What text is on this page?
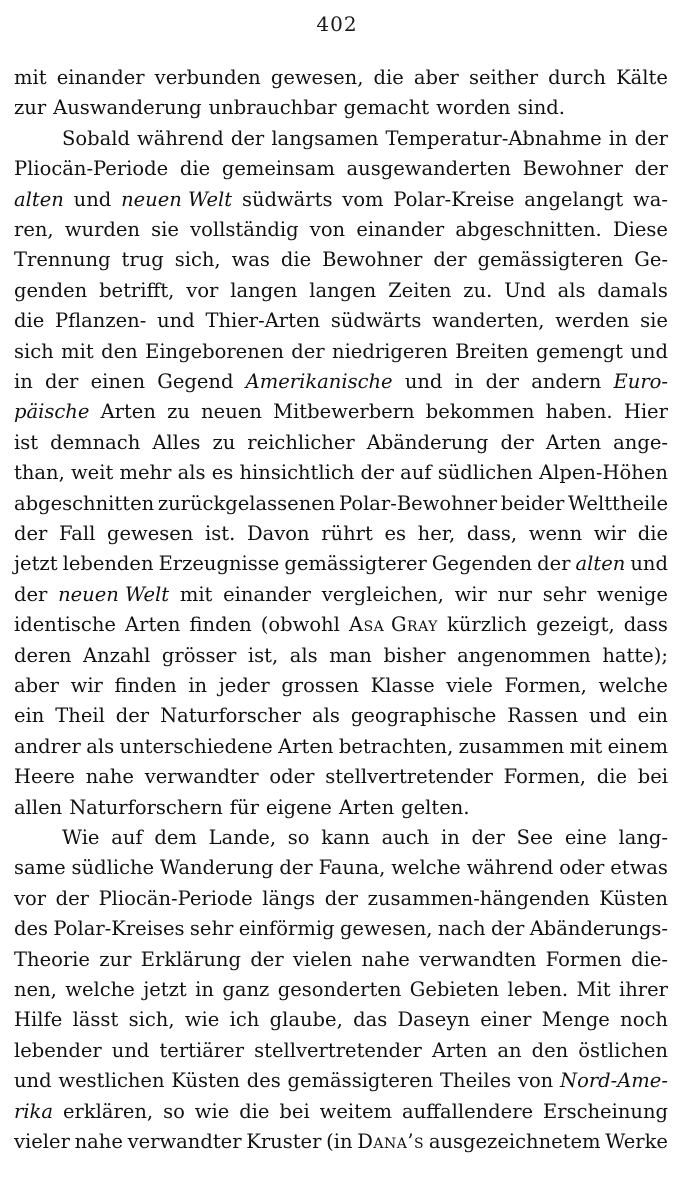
402
mit einander verbunden gewesen, die aber seither durch Kälte
zur Auswanderung unbrauchbar gemacht worden sind.
Sobald während der langsamen Temperatur-Abnahme in der
Pliocän-Periode die gemeinsam ausgewanderten Bewohner der
alten und neuen Welt südwärts vom Polar-Kreise angelangt wa-
ren, wurden sie vollständig von einander abgeschnitten. Diese
Trennung trug sich, was die Bewohner der gemässigteren Ge-
genden betrifft, vor langen langen Zeiten zu. Und als damals
die Pflanzen- und Thier-Arten südwärts wanderten, werden sie
sich mit den Eingeborenen der niedrigeren Breiten gemengt und
in der einen Gegend Amerikanische und in der andern Euro-
päische Arten zu neuen Mitbewerbern bekommen haben. Hier
ist demnach Alles zu reichlicher Abänderung der Arten ange-
than, weit mehr als es hinsichtlich der auf südlichen Alpen-Höhen
abgeschnitten zurückgelassenen Polar-Bewohner beider Welttheile
der Fall gewesen ist. Davon rührt es her, dass, wenn wir die
jetzt lebenden Erzeugnisse gemässigterer Gegenden der alten und
der neuen Welt mit einander vergleichen, wir nur sehr wenige
identische Arten finden (obwohl Asa Gray kürzlich gezeigt, dass
deren Anzahl grösser ist, als man bisher angenommen hatte);
aber wir finden in jeder grossen Klasse viele Formen, welche
ein Theil der Naturforscher als geographische Rassen und ein
andrer als unterschiedene Arten betrachten, zusammen mit einem
Heere nahe verwandter oder stellvertretender Formen, die bei
allen Naturforschern für eigene Arten gelten.
Wie auf dem Lande, so kann auch in der See eine lang-
same südliche Wanderung der Fauna, welche während oder etwas
vor der Pliocän-Periode längs der zusammen-hängenden Küsten
des Polar-Kreises sehr einförmig gewesen, nach der Abänderungs-
Theorie zur Erklärung der vielen nahe verwandten Formen die-
nen, welche jetzt in ganz gesonderten Gebieten leben. Mit ihrer
Hilfe lässt sich, wie ich glaube, das Daseyn einer Menge noch
lebender und tertiärer stellvertretender Arten an den östlichen
und westlichen Küsten des gemässigteren Theiles von Nord-Ame-
rika erklären, so wie die bei weitem auffallendere Erscheinung
vieler nahe verwandter Kruster (in Dana’s ausgezeichnetem Werke
